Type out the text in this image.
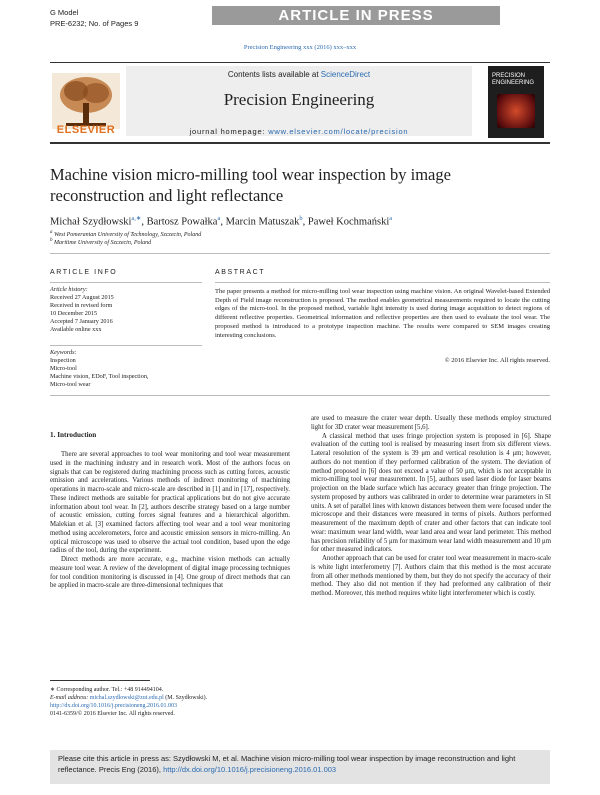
G Model
PRE-6232; No. of Pages 9	ARTICLE IN PRESS
Precision Engineering xxx (2016) xxx–xxx
ELSEVIER
Contents lists available at ScienceDirect
Precision Engineering
journal homepage: www.elsevier.com/locate/precision
PRECISION ENGINEERING
Machine vision micro-milling tool wear inspection by image reconstruction and light reflectance
Michał Szydłowski$^{a,∗}$, Bartosz Powałka$^a$, Marcin Matuszak$^b$, Paweł Kochmański$^a$
$^a$ West Pomeranian University of Technology, Szczecin, Poland
$^b$ Maritime University of Szczecin, Poland
ARTICLE INFO
Article history:
Received 27 August 2015
Received in revised form
10 December 2015
Accepted 7 January 2016
Available online xxx
Keywords:
Inspection
Micro-tool
Machine vision, EDoF, Tool inspection,
Micro-tool wear
ABSTRACT
The paper presents a method for micro-milling tool wear inspection using machine vision. An original Wavelet-based Extended Depth of Field image reconstruction is proposed. The method enables geometrical measurements required to locate the cutting edges of the micro-tool. In the proposed method, variable light intensity is used during image acquisition to detect regions of different reflective properties. Geometrical information and reflective properties are then used to evaluate the tool wear. The proposed method is introduced to a prototype inspection machine. The results were compared to SEM images creating interesting conclusions.
© 2016 Elsevier Inc. All rights reserved.
1. Introduction

There are several approaches to tool wear monitoring and tool wear measurement used in the machining industry and in research work. Most of the authors focus on signals that can be registered during machining process such as cutting forces, acoustic emission and accelerations. Various methods of indirect monitoring of machining operations in macro-scale and micro-scale are described in [1] and in [17], respectively. These indirect methods are suitable for practical applications but do not give accurate information about tool wear. In [2], authors describe strategy based on a large number of acoustic emission, cutting forces signal features and a hierarchical algorithm. Malekian et al. [3] examined factors affecting tool wear and a tool wear monitoring method using accelerometers, force and acoustic emission sensors in micro-milling. An optical microscope was used to observe the actual tool condition, based upon the edge radius of the tool, during the experiment.

Direct methods are more accurate, e.g., machine vision methods can actually measure tool wear. A review of the development of digital image processing techniques for tool condition monitoring is discussed in [4]. One group of direct methods that can be applied in macro-scale are three-dimensional techniques that

are used to measure the crater wear depth. Usually these methods employ structured light for 3D crater wear measurement [5,6].

A classical method that uses fringe projection system is proposed in [6]. Shape evaluation of the cutting tool is realised by measuring insert from six different views. Lateral resolution of the system is 39 μm and vertical resolution is 4 μm; however, authors do not mention if they performed calibration of the system. The deviation of method proposed in [6] does not exceed a value of 50 μm, which is not acceptable in micro-milling tool wear measurement. In [5], authors used laser diode for laser beams projection on the blade surface which has accuracy greater than fringe projection. The system proposed by authors was calibrated in order to determine wear parameters in SI units. A set of parallel lines with known distances between them were focused under the microscope and their distances were measured in terms of pixels. Authors performed measurement of the maximum depth of crater and other factors that can indicate tool wear: maximum wear land width, wear land area and wear land perimeter. This method has precision reliability of 5 μm for maximum wear land width measurement and 10 μm for other measured indicators.

Another approach that can be used for crater tool wear measurement in macro-scale is white light interferometry [7]. Authors claim that this method is the most accurate from all other methods mentioned by them, but they do not specify the accuracy of their method. They also did not mention if they had preformed any calibration of their method. Moreover, this method requires white light interferometer which is costly.

∗ Corresponding author. Tel.: +48 914494104.
E-mail address: michal.szydlowski@zut.edu.pl (M. Szydłowski).
http://dx.doi.org/10.1016/j.precisioneng.2016.01.003
0141-6359/© 2016 Elsevier Inc. All rights reserved.
Please cite this article in press as: Szydłowski M, et al. Machine vision micro-milling tool wear inspection by image reconstruction and light reflectance. Precis Eng (2016), http://dx.doi.org/10.1016/j.precisioneng.2016.01.003
